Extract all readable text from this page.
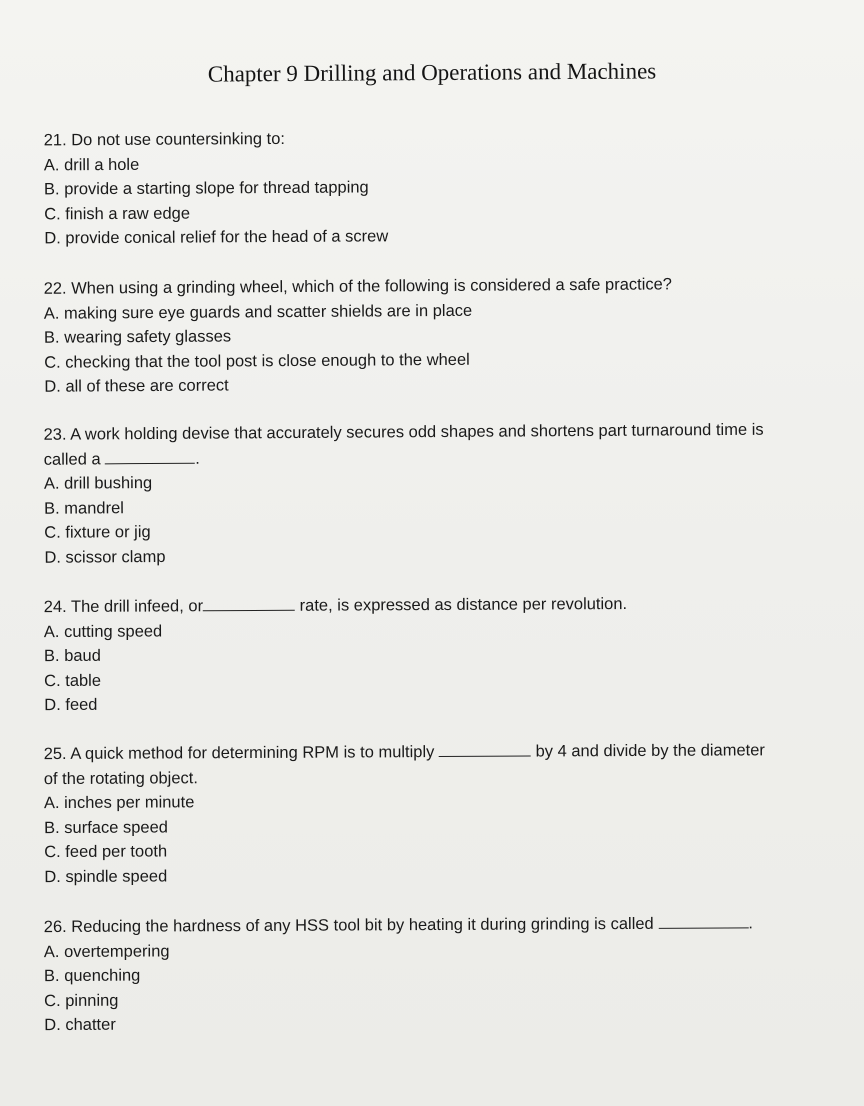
Chapter 9 Drilling and Operations and Machines
21. Do not use countersinking to:
A. drill a hole
B. provide a starting slope for thread tapping
C. finish a raw edge
D. provide conical relief for the head of a screw
22. When using a grinding wheel, which of the following is considered a safe practice?
A. making sure eye guards and scatter shields are in place
B. wearing safety glasses
C. checking that the tool post is close enough to the wheel
D. all of these are correct
23. A work holding devise that accurately secures odd shapes and shortens part turnaround time is
called a	.
A. drill bushing
B. mandrel
C. fixture or jig
D. scissor clamp
24. The drill infeed, or	rate, is expressed as distance per revolution.
A. cutting speed
B. baud
C. table
D. feed
25. A quick method for determining RPM is to multiply	by 4 and divide by the diameter
of the rotating object.
A. inches per minute
B. surface speed
C. feed per tooth
D. spindle speed
26. Reducing the hardness of any HSS tool bit by heating it during grinding is called	.
A. overtempering
B. quenching
C. pinning
D. chatter
